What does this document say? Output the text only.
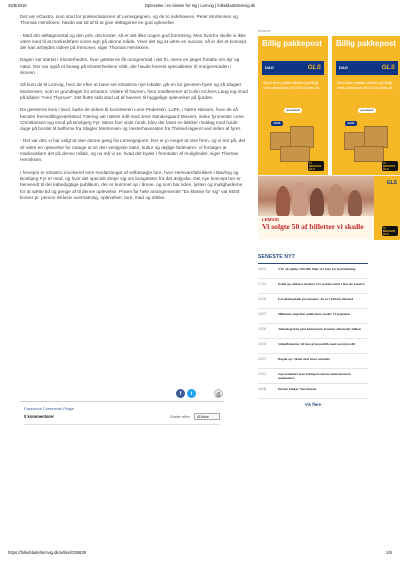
25/8/2016	Oplevelse i en klasse for sig | Lemvig | folkebladetlemvig.dk

Det var eGastro, som stod for præsentationen af Lemvigegnen, og de to indehavere, Peter Mortensen og Thomas Henriksen, havde sat tid af til at give deltagerne en god oplevelse.

- Med det deltagerantal og den pris, det koster, så er det ikke nogen god forretning. Men hvorfor skulle vi ikke være med til at markedsføre vores egn på denne måde. Viser det sig at være en succes, så er det et koncept, der kan arbejdes videre på fremover, siger Thomas Henriksen.

Dagen var startet i Klosterheden, hvor gæsterne fik morgenmad i det fri, mens en jæger fortalte om dyr og natur. Der var også et besøg på Klosterhedens Vildt, der havde leveret specialiteter til morgenmaden i skoven.

Så kom de til Lemvig, hvor de efter at have set eGastros nye lokaler, gik en tur gennem byen og så Slagter Mortensen, som er grundlaget for eGastro. Videre til havnen, hvor medlemmer af Colin Archers Laug tog imod på båden "Anni Thyrsoe". Det flotte skib stod ud af havnen til hyggelige oplevelser på fjorden.

Da gæsterne kom i land, kørte de videre til kunstneren Lone Pedersen, LoPe, i Nørre Nissum, hvor de så hendes fremstillingsværksted. Færing var næste mål med Jens Søndergaard Museet, inden fynmester Lene Christiansen tog imod på Bovbjerg Fyr. Mens hun viste rundt, blev der lavet en lækker middag med hvide duge på bordet til bøffome fra Slagter Mortensen og Vesterhavsosten fra Thisted-lageret ved siden af fyret.

- Det var det, vi har valgt at vise denne gang fra Lemvigegnen. Der er jo meget at vise frem, og vi tror på, det vil være en oplevelse for mange at se den vestjyske natur, kultur og dejlige fødevarer. Vi forsøger at markedsføre det på denne måde, og nu må vi se, hvad det byder i fremtiden af muligheder, siger Thomas Henriksen.

I forvejen er eGastro involveret som medarrangør af velbesøgte ture, hvor Hemvarefabrikken i Bøvling og Bovbjerg Fyr er med, og hvor det specielt drejer sig om busgæster fra det østjyske. Det nye koncept her er henvendt til det købedygtige publikum, der er kommet op i årene, og som har tiden, lysten og mulighederne for at sætte tid og penge af til denne oplevelse. Prisen for hele arrangementet "En klasse for sig" var 6500 kroner pr. person inklusiv overnatning, oplevelser, ture, mad og drikke.

f	t	⎙
Facebook Comments Plugin
0 kommentarer	Sortér efter	Ældste
Annonce
Billig pakkepost
DAO	GLS
Send dine pakker sikkert og billigt med pakkepost på GoGoGratis.dk
postnord
DAO
VI BRUGER GLS
Billig pakkepost
DAO	GLS
Send dine pakker sikkert og billigt med pakkepost på GoGoGratis.dk
postnord
DAO
VI BRUGER GLS
LEMVIG
Vi solgte 50 af billetter vi skulle
GLS
VI BRUGER GLS
SENESTE NYT
16:01	VW vil tjekke 700.000 biler for fare for kortslutning
17:10	Politi og soldater dræber 14 i narkorazzia i Rio de Janeiro
20:39	Forsikringsfolk på Amager: To er i kritisk tilstand
16:37	Militante angriber politi flere steder i Tjetjenien
15:30	Teknologi kan give hånd mere frontier alternativ bilkon
15:30	Sideeffekterne vil løse grøn politik med social profil
15:37	Bagde op: Skole skal have nu ledre
15:12	Gps-kalender kan hurtigere nøvne adskred mere mennesker
15:08	Derfor lukker Skovhusset
Vis flere
https://folkebladetlemvig.dk/artikel/338839	2/6
